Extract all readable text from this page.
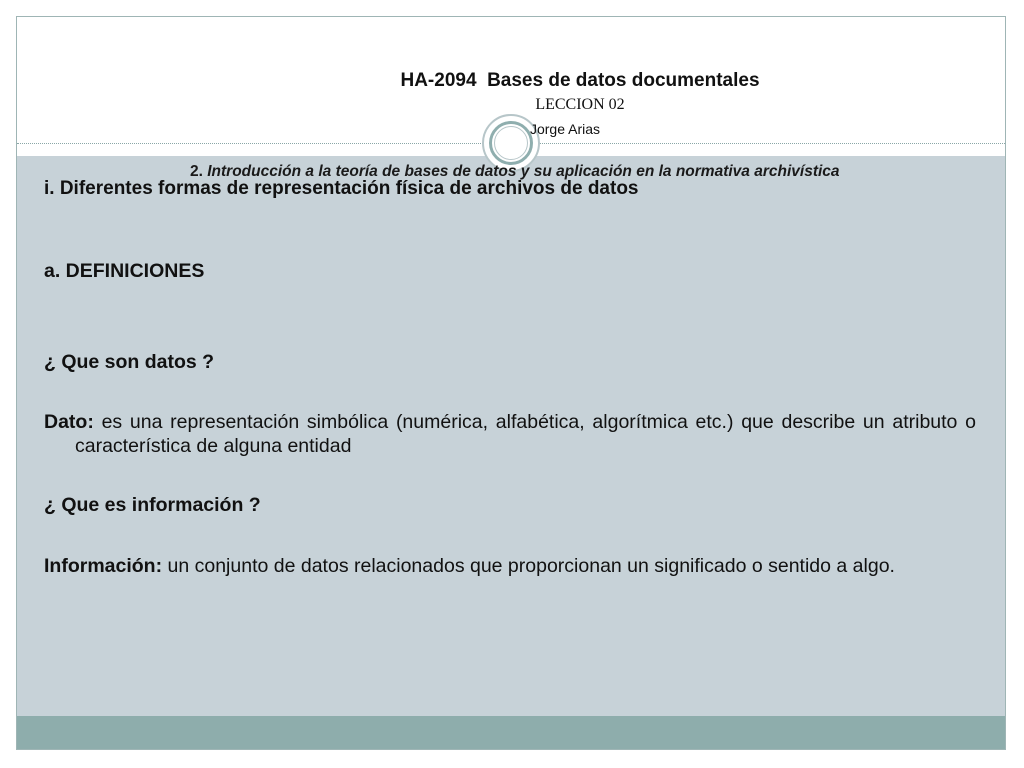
HA-2094  Bases de datos documentales
LECCION 02
Jorge Arias
2. Introducción a la teoría de bases de datos y su aplicación en la normativa archivística
i. Diferentes formas de representación física de archivos de datos
a. DEFINICIONES
¿ Que son datos ?
Dato: es una representación simbólica (numérica, alfabética, algorítmica etc.) que describe un atributo o característica de alguna entidad
¿ Que es información ?
Información: un conjunto de datos relacionados que proporcionan un significado o sentido a algo.
